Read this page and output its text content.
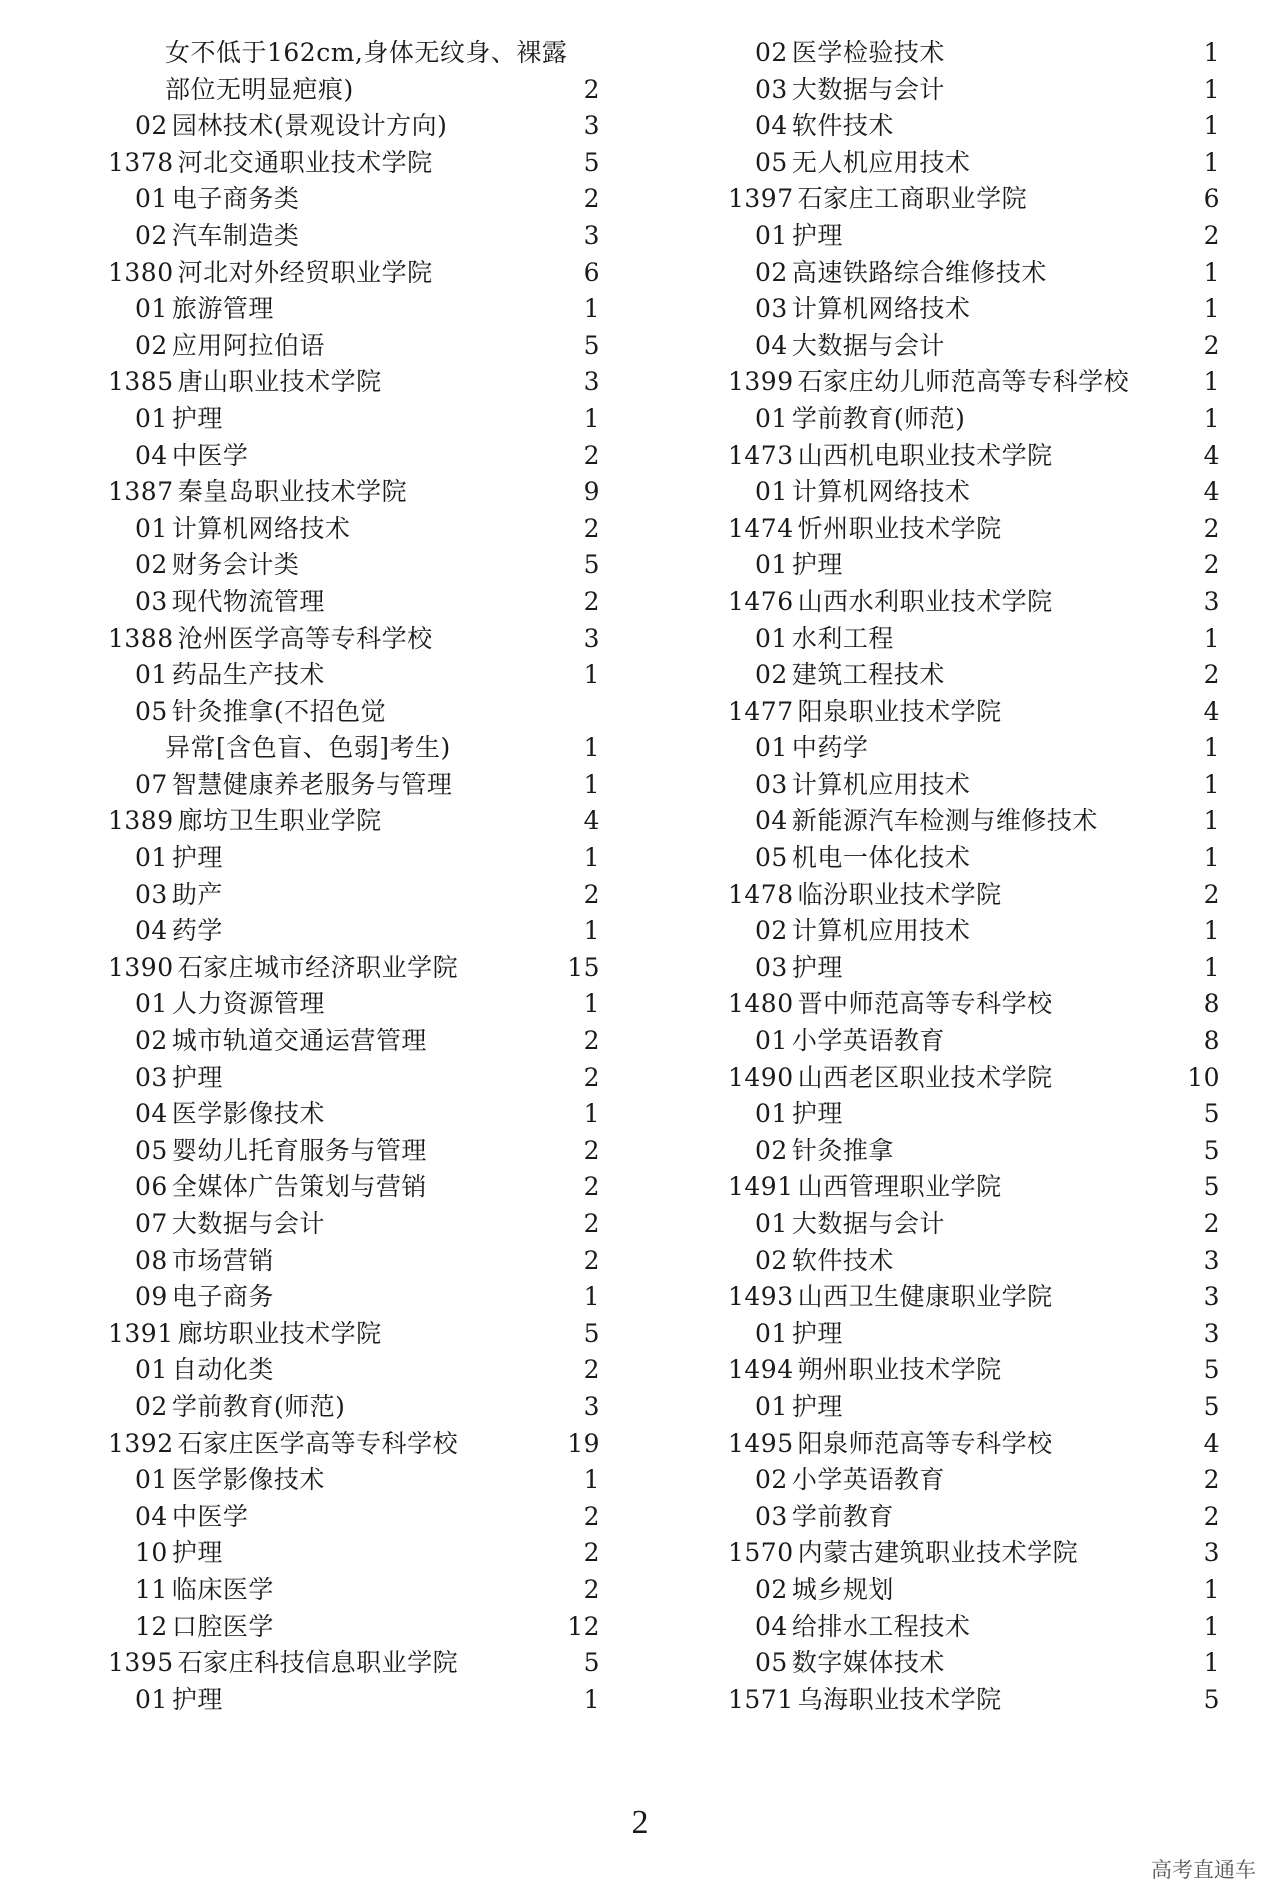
女不低于162cm,身体无纹身、裸露
部位无明显疤痕)	2
02 园林技术(景观设计方向)	3
1378 河北交通职业技术学院	5
01 电子商务类	2
02 汽车制造类	3
1380 河北对外经贸职业学院	6
01 旅游管理	1
02 应用阿拉伯语	5
1385 唐山职业技术学院	3
01 护理	1
04 中医学	2
1387 秦皇岛职业技术学院	9
01 计算机网络技术	2
02 财务会计类	5
03 现代物流管理	2
1388 沧州医学高等专科学校	3
01 药品生产技术	1
05 针灸推拿(不招色觉
异常[含色盲、色弱]考生)	1
07 智慧健康养老服务与管理	1
1389 廊坊卫生职业学院	4
01 护理	1
03 助产	2
04 药学	1
1390 石家庄城市经济职业学院	15
01 人力资源管理	1
02 城市轨道交通运营管理	2
03 护理	2
04 医学影像技术	1
05 婴幼儿托育服务与管理	2
06 全媒体广告策划与营销	2
07 大数据与会计	2
08 市场营销	2
09 电子商务	1
1391 廊坊职业技术学院	5
01 自动化类	2
02 学前教育(师范)	3
1392 石家庄医学高等专科学校	19
01 医学影像技术	1
04 中医学	2
10 护理	2
11 临床医学	2
12 口腔医学	12
1395 石家庄科技信息职业学院	5
01 护理	1
02 医学检验技术	1
03 大数据与会计	1
04 软件技术	1
05 无人机应用技术	1
1397 石家庄工商职业学院	6
01 护理	2
02 高速铁路综合维修技术	1
03 计算机网络技术	1
04 大数据与会计	2
1399 石家庄幼儿师范高等专科学校	1
01 学前教育(师范)	1
1473 山西机电职业技术学院	4
01 计算机网络技术	4
1474 忻州职业技术学院	2
01 护理	2
1476 山西水利职业技术学院	3
01 水利工程	1
02 建筑工程技术	2
1477 阳泉职业技术学院	4
01 中药学	1
03 计算机应用技术	1
04 新能源汽车检测与维修技术	1
05 机电一体化技术	1
1478 临汾职业技术学院	2
02 计算机应用技术	1
03 护理	1
1480 晋中师范高等专科学校	8
01 小学英语教育	8
1490 山西老区职业技术学院	10
01 护理	5
02 针灸推拿	5
1491 山西管理职业学院	5
01 大数据与会计	2
02 软件技术	3
1493 山西卫生健康职业学院	3
01 护理	3
1494 朔州职业技术学院	5
01 护理	5
1495 阳泉师范高等专科学校	4
02 小学英语教育	2
03 学前教育	2
1570 内蒙古建筑职业技术学院	3
02 城乡规划	1
04 给排水工程技术	1
05 数字媒体技术	1
1571 乌海职业技术学院	5
2
高考直通车
